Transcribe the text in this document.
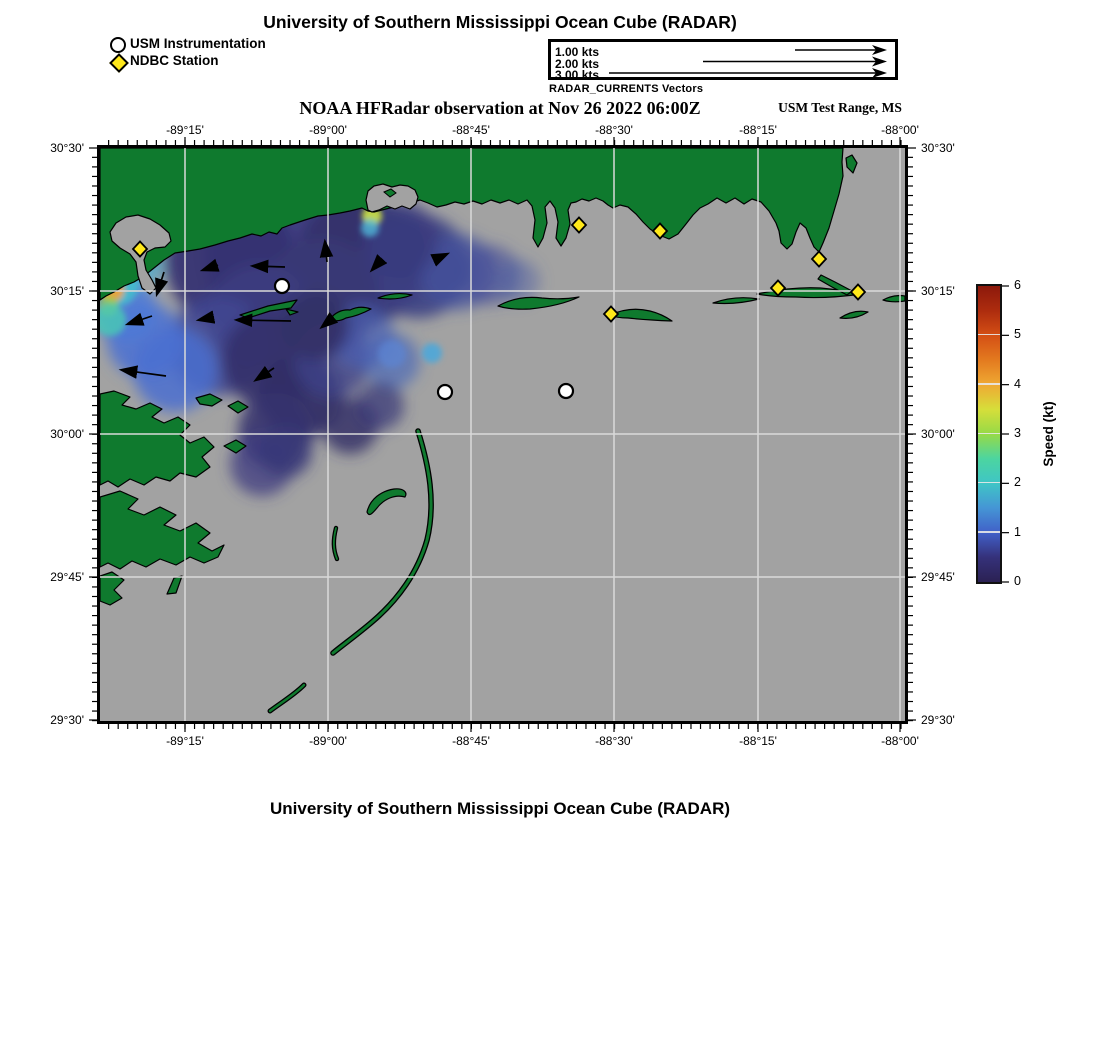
University of Southern Mississippi Ocean Cube (RADAR)
USM Instrumentation
NDBC Station
1.00 kts
2.00 kts
3.00 kts
RADAR_CURRENTS Vectors
NOAA HFRadar observation at Nov 26 2022 06:00Z	USM Test Range, MS
-89°15'	-89°00'	-88°45'	-88°30'	-88°15'	-88°00'
-89°15'	-89°00'	-88°45'	-88°30'	-88°15'	-88°00'
30°30'
30°15'
30°00'
29°45'
29°30'
30°30'
30°15'
30°00'
29°45'
29°30'
0
1
2
3
4
5
6
Speed (kt)
University of Southern Mississippi Ocean Cube (RADAR)
